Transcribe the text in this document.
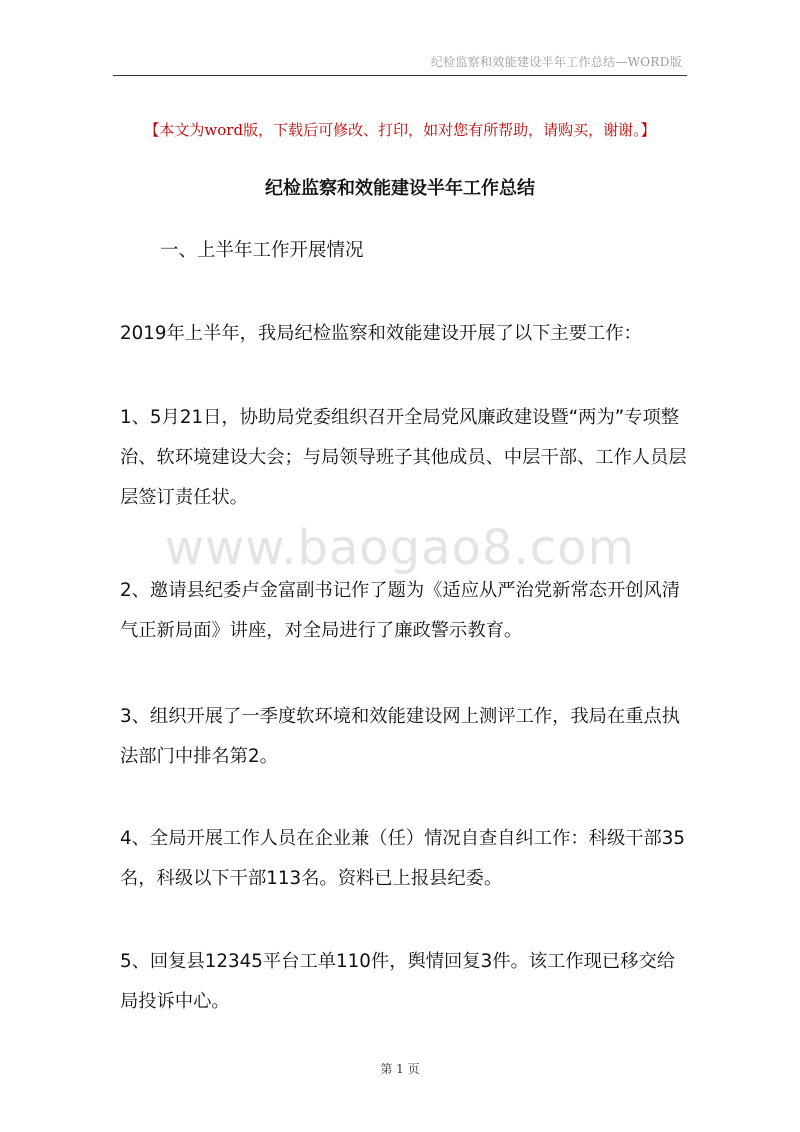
纪检监察和效能建设半年工作总结—WORD版
【本文为word版，下载后可修改、打印，如对您有所帮助，请购买，谢谢。】
纪检监察和效能建设半年工作总结
一、上半年工作开展情况
2019年上半年，我局纪检监察和效能建设开展了以下主要工作：
1、5月21日，协助局党委组织召开全局党风廉政建设暨“两为”专项整治、软环境建设大会；与局领导班子其他成员、中层干部、工作人员层层签订责任状。
2、邀请县纪委卢金富副书记作了题为《适应从严治党新常态开创风清气正新局面》讲座，对全局进行了廉政警示教育。
3、组织开展了一季度软环境和效能建设网上测评工作，我局在重点执法部门中排名第2。
4、全局开展工作人员在企业兼（任）情况自查自纠工作：科级干部35名，科级以下干部113名。资料已上报县纪委。
5、回复县12345平台工单110件，舆情回复3件。该工作现已移交给局投诉中心。
www.baogao8.com
第 1 页
